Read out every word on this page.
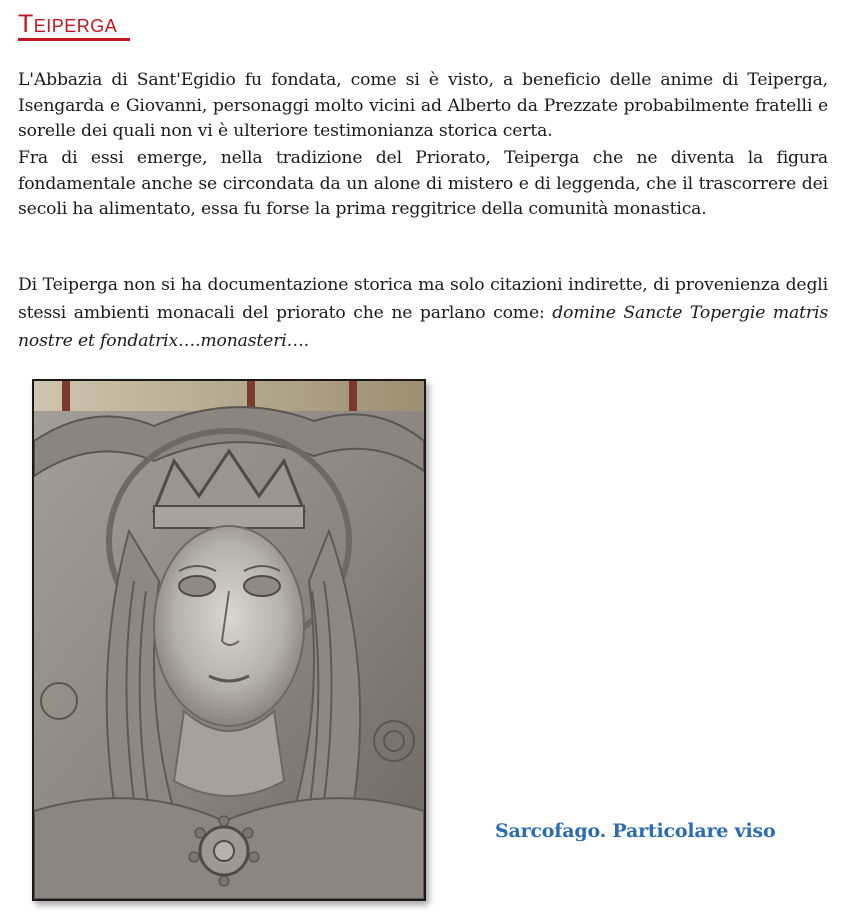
Teiperga

L'Abbazia di Sant'Egidio fu fondata, come si è visto, a beneficio delle anime di Teiperga, Isengarda e Giovanni, personaggi molto vicini ad Alberto da Prezzate probabilmente fratelli e sorelle dei quali non vi è ulteriore testimonianza storica certa.

Fra di essi emerge, nella tradizione del Priorato, Teiperga che ne diventa la figura fondamentale anche se circondata da un alone di mistero e di leggenda, che il trascorrere dei secoli ha alimentato, essa fu forse la prima reggitrice della comunità monastica.

Di Teiperga non si ha documentazione storica ma solo citazioni indirette, di provenienza degli stessi ambienti monacali del priorato che ne parlano come: domine Sancte Topergie matris nostre et fondatrix….monasteri….

Sarcofago. Particolare viso
